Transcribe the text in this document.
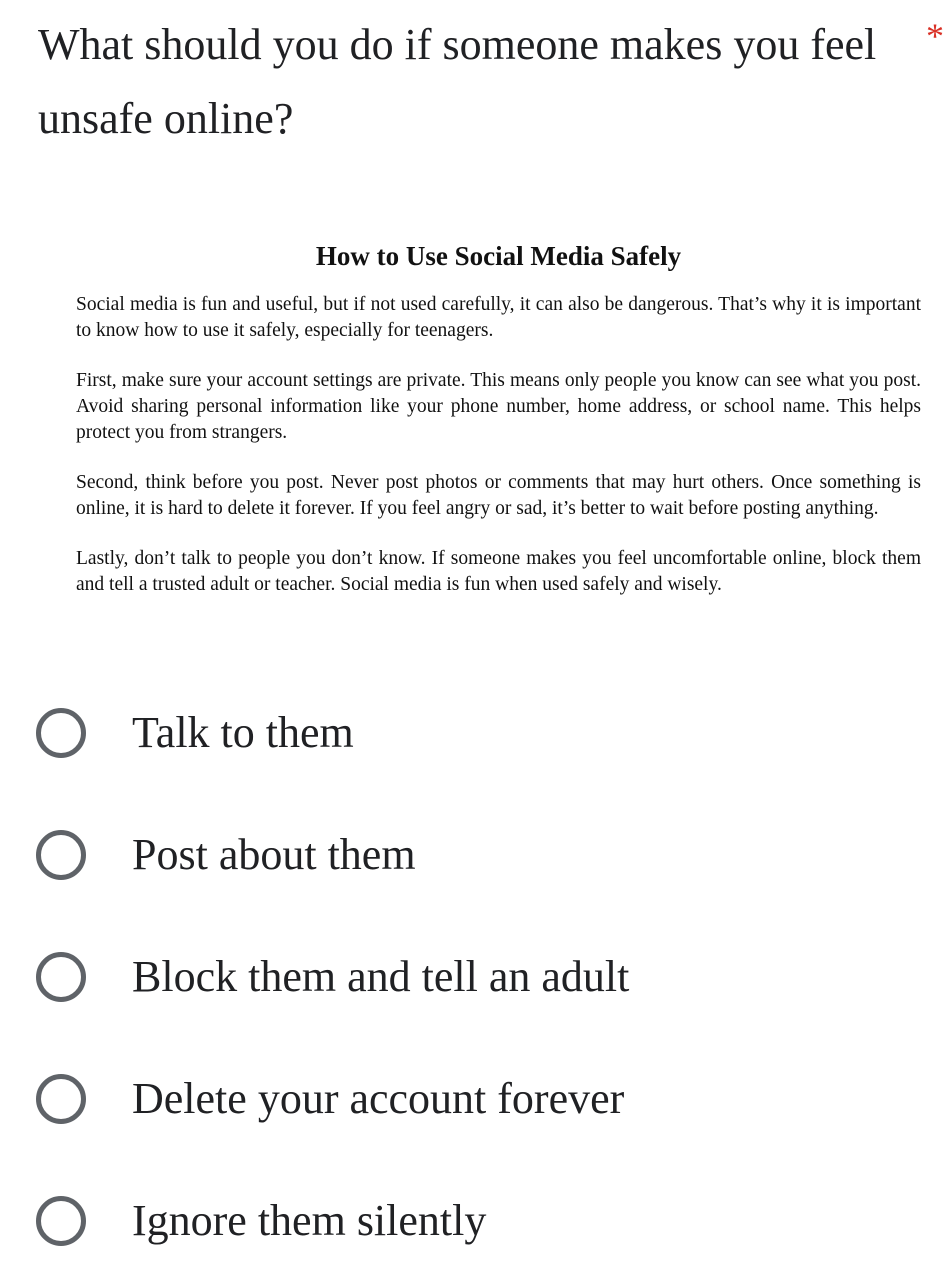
What should you do if someone makes you feel unsafe online?
*
How to Use Social Media Safely

Social media is fun and useful, but if not used carefully, it can also be dangerous. That’s why it is important to know how to use it safely, especially for teenagers.

First, make sure your account settings are private. This means only people you know can see what you post. Avoid sharing personal information like your phone number, home address, or school name. This helps protect you from strangers.

Second, think before you post. Never post photos or comments that may hurt others. Once something is online, it is hard to delete it forever. If you feel angry or sad, it’s better to wait before posting anything.

Lastly, don’t talk to people you don’t know. If someone makes you feel uncomfortable online, block them and tell a trusted adult or teacher. Social media is fun when used safely and wisely.

Talk to them
Post about them
Block them and tell an adult
Delete your account forever
Ignore them silently
